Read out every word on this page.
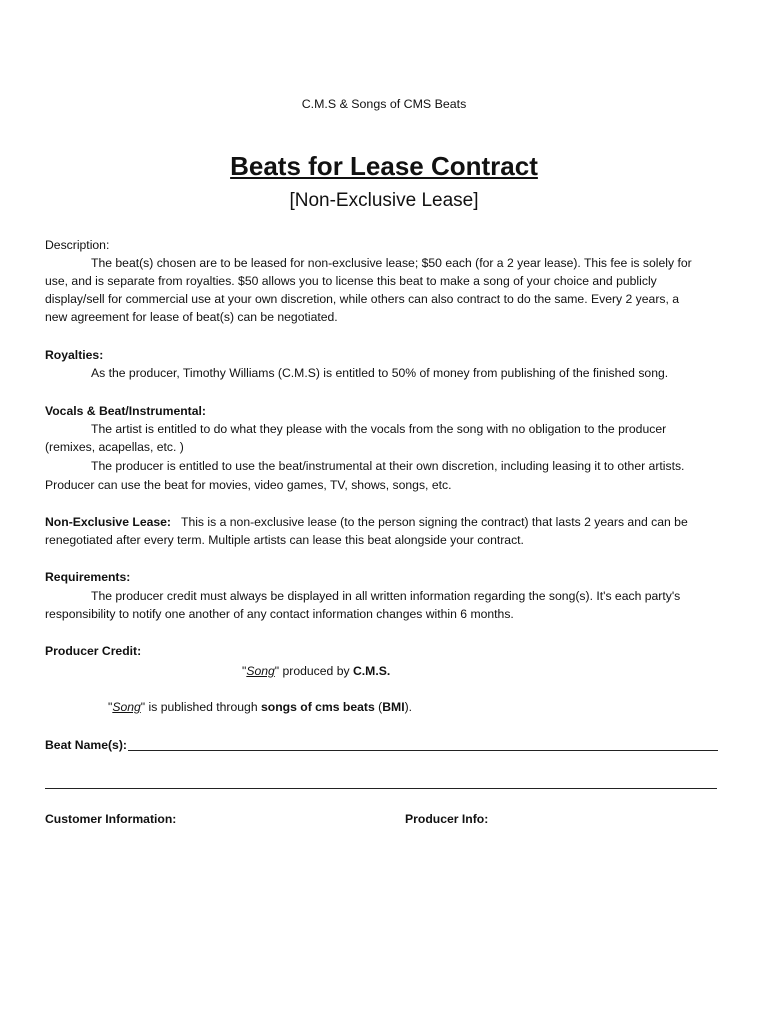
C.M.S & Songs of CMS Beats
Beats for Lease Contract
[Non-Exclusive Lease]
Description:
The beat(s) chosen are to be leased for non-exclusive lease; $50 each (for a 2 year lease). This fee is solely for
use, and is separate from royalties. $50 allows you to license this beat to make a song of your choice and publicly
display/sell for commercial use at your own discretion, while others can also contract to do the same. Every 2 years, a
new agreement for lease of beat(s) can be negotiated.
Royalties:
As the producer, Timothy Williams (C.M.S) is entitled to 50% of money from publishing of the finished song.
Vocals & Beat/Instrumental:
The artist is entitled to do what they please with the vocals from the song with no obligation to the producer
(remixes, acapellas, etc. )
The producer is entitled to use the beat/instrumental at their own discretion, including leasing it to other artists.
Producer can use the beat for movies, video games, TV, shows, songs, etc.
Non-Exclusive Lease: This is a non-exclusive lease (to the person signing the contract) that lasts 2 years and can be
renegotiated after every term. Multiple artists can lease this beat alongside your contract.
Requirements:
The producer credit must always be displayed in all written information regarding the song(s). It's each party's
responsibility to notify one another of any contact information changes within 6 months.
Producer Credit:
"Song" produced by C.M.S.
"Song" is published through songs of cms beats (BMI).
Beat Name(s):
Customer Information:	Producer Info:
